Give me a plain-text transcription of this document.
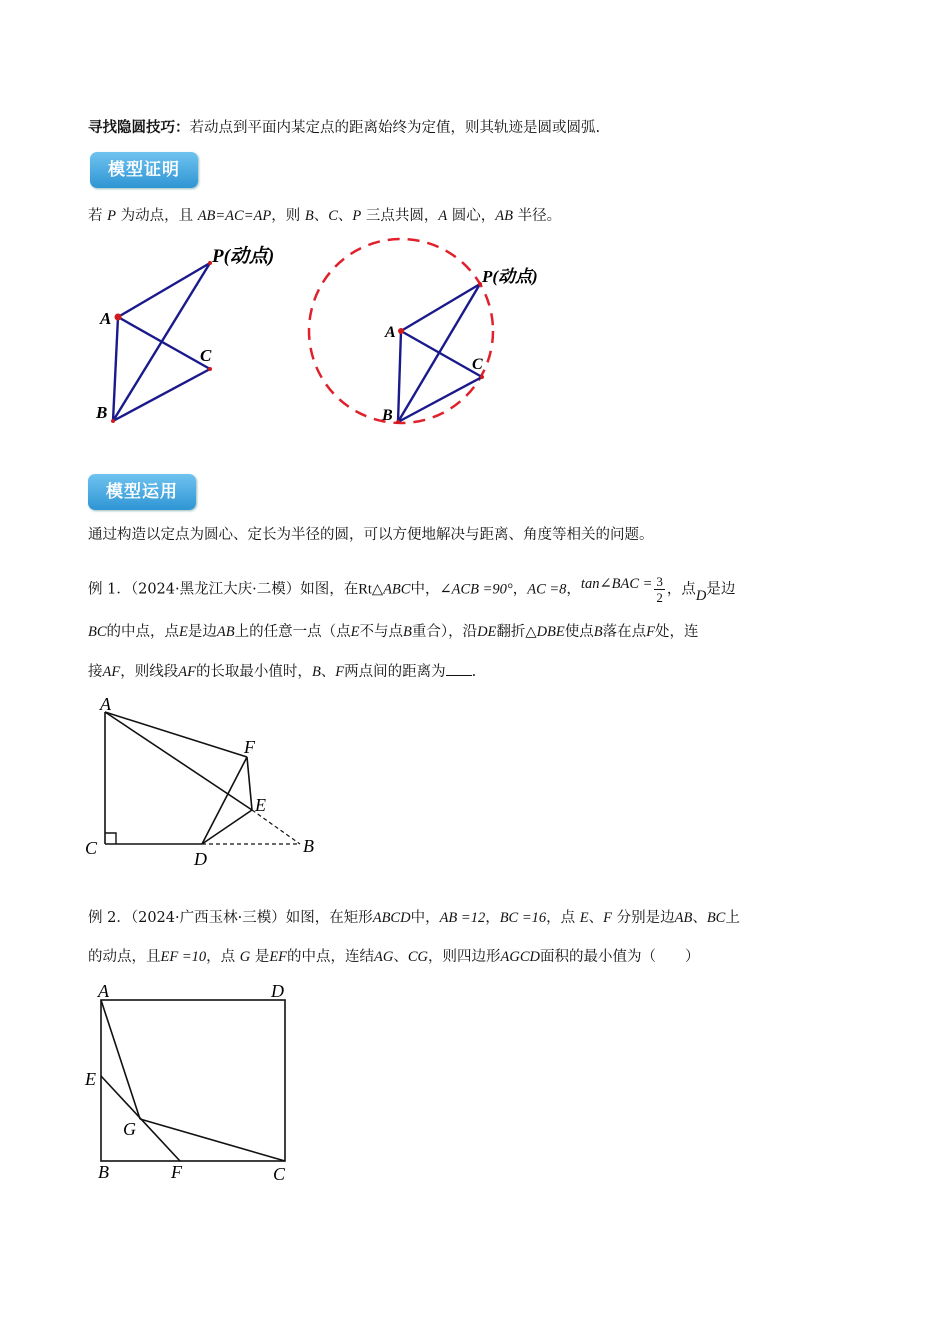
寻找隐圆技巧：若动点到平面内某定点的距离始终为定值，则其轨迹是圆或圆弧.
模型证明
若 P 为动点，且 AB=AC=AP，则 B、C、P 三点共圆，A 圆心，AB 半径。
P(动点)
A
C
B
P(动点)
A
C
B
模型运用
通过构造以定点为圆心、定长为半径的圆，可以方便地解决与距离、角度等相关的问题。
例 1．（2024·黑龙江大庆·二模）如图，在Rt△ABC中，∠ACB =90°，AC =8，tan∠BAC = $\frac{3}{2}$ ，点D是边
BC的中点，点E是边AB上的任意一点（点E不与点B重合），沿DE翻折△DBE使点B落在点F处，连
接AF，则线段AF的长取最小值时，B、F两点间的距离为 .
A
C
D
B
F
E
例 2．（2024·广西玉林·三模）如图，在矩形ABCD中，AB =12，BC =16，点 E、F 分别是边AB、BC上
的动点，且EF =10，点 G 是EF的中点，连结AG、CG，则四边形AGCD面积的最小值为（　　）
A	D
E
G
B	F	C
